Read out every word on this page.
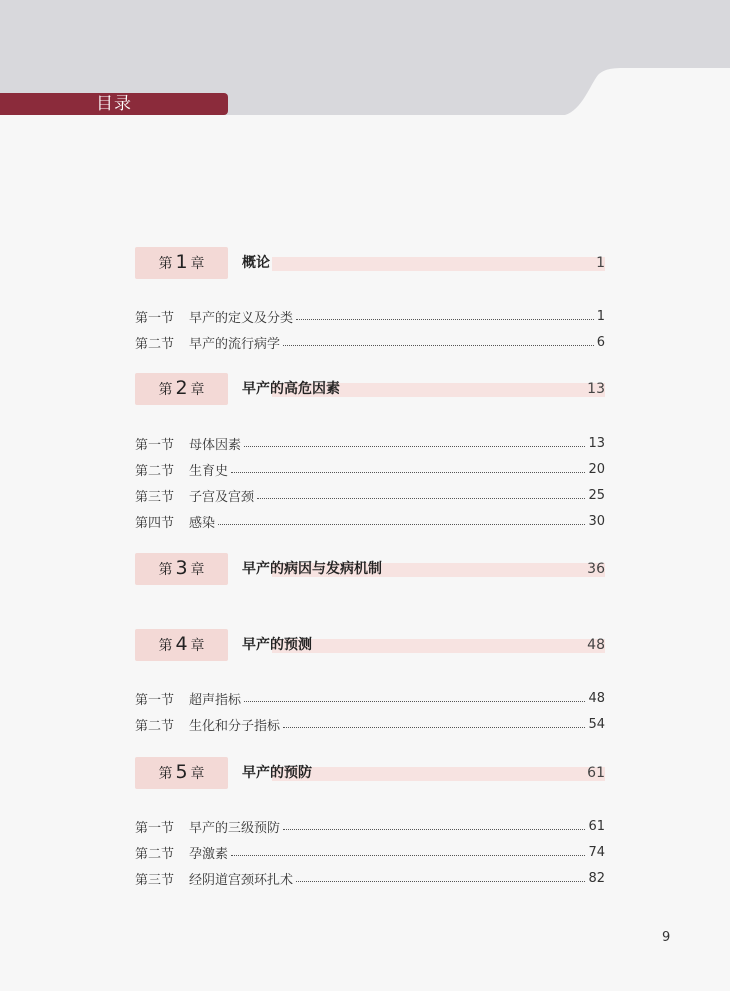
目录
第 1 章	概论	1
第一节	早产的定义及分类	1
第二节	早产的流行病学	6
第 2 章	早产的高危因素	13
第一节	母体因素	13
第二节	生育史	20
第三节	子宫及宫颈	25
第四节	感染	30
第 3 章	早产的病因与发病机制	36
第 4 章	早产的预测	48
第一节	超声指标	48
第二节	生化和分子指标	54
第 5 章	早产的预防	61
第一节	早产的三级预防	61
第二节	孕激素	74
第三节	经阴道宫颈环扎术	82
9
